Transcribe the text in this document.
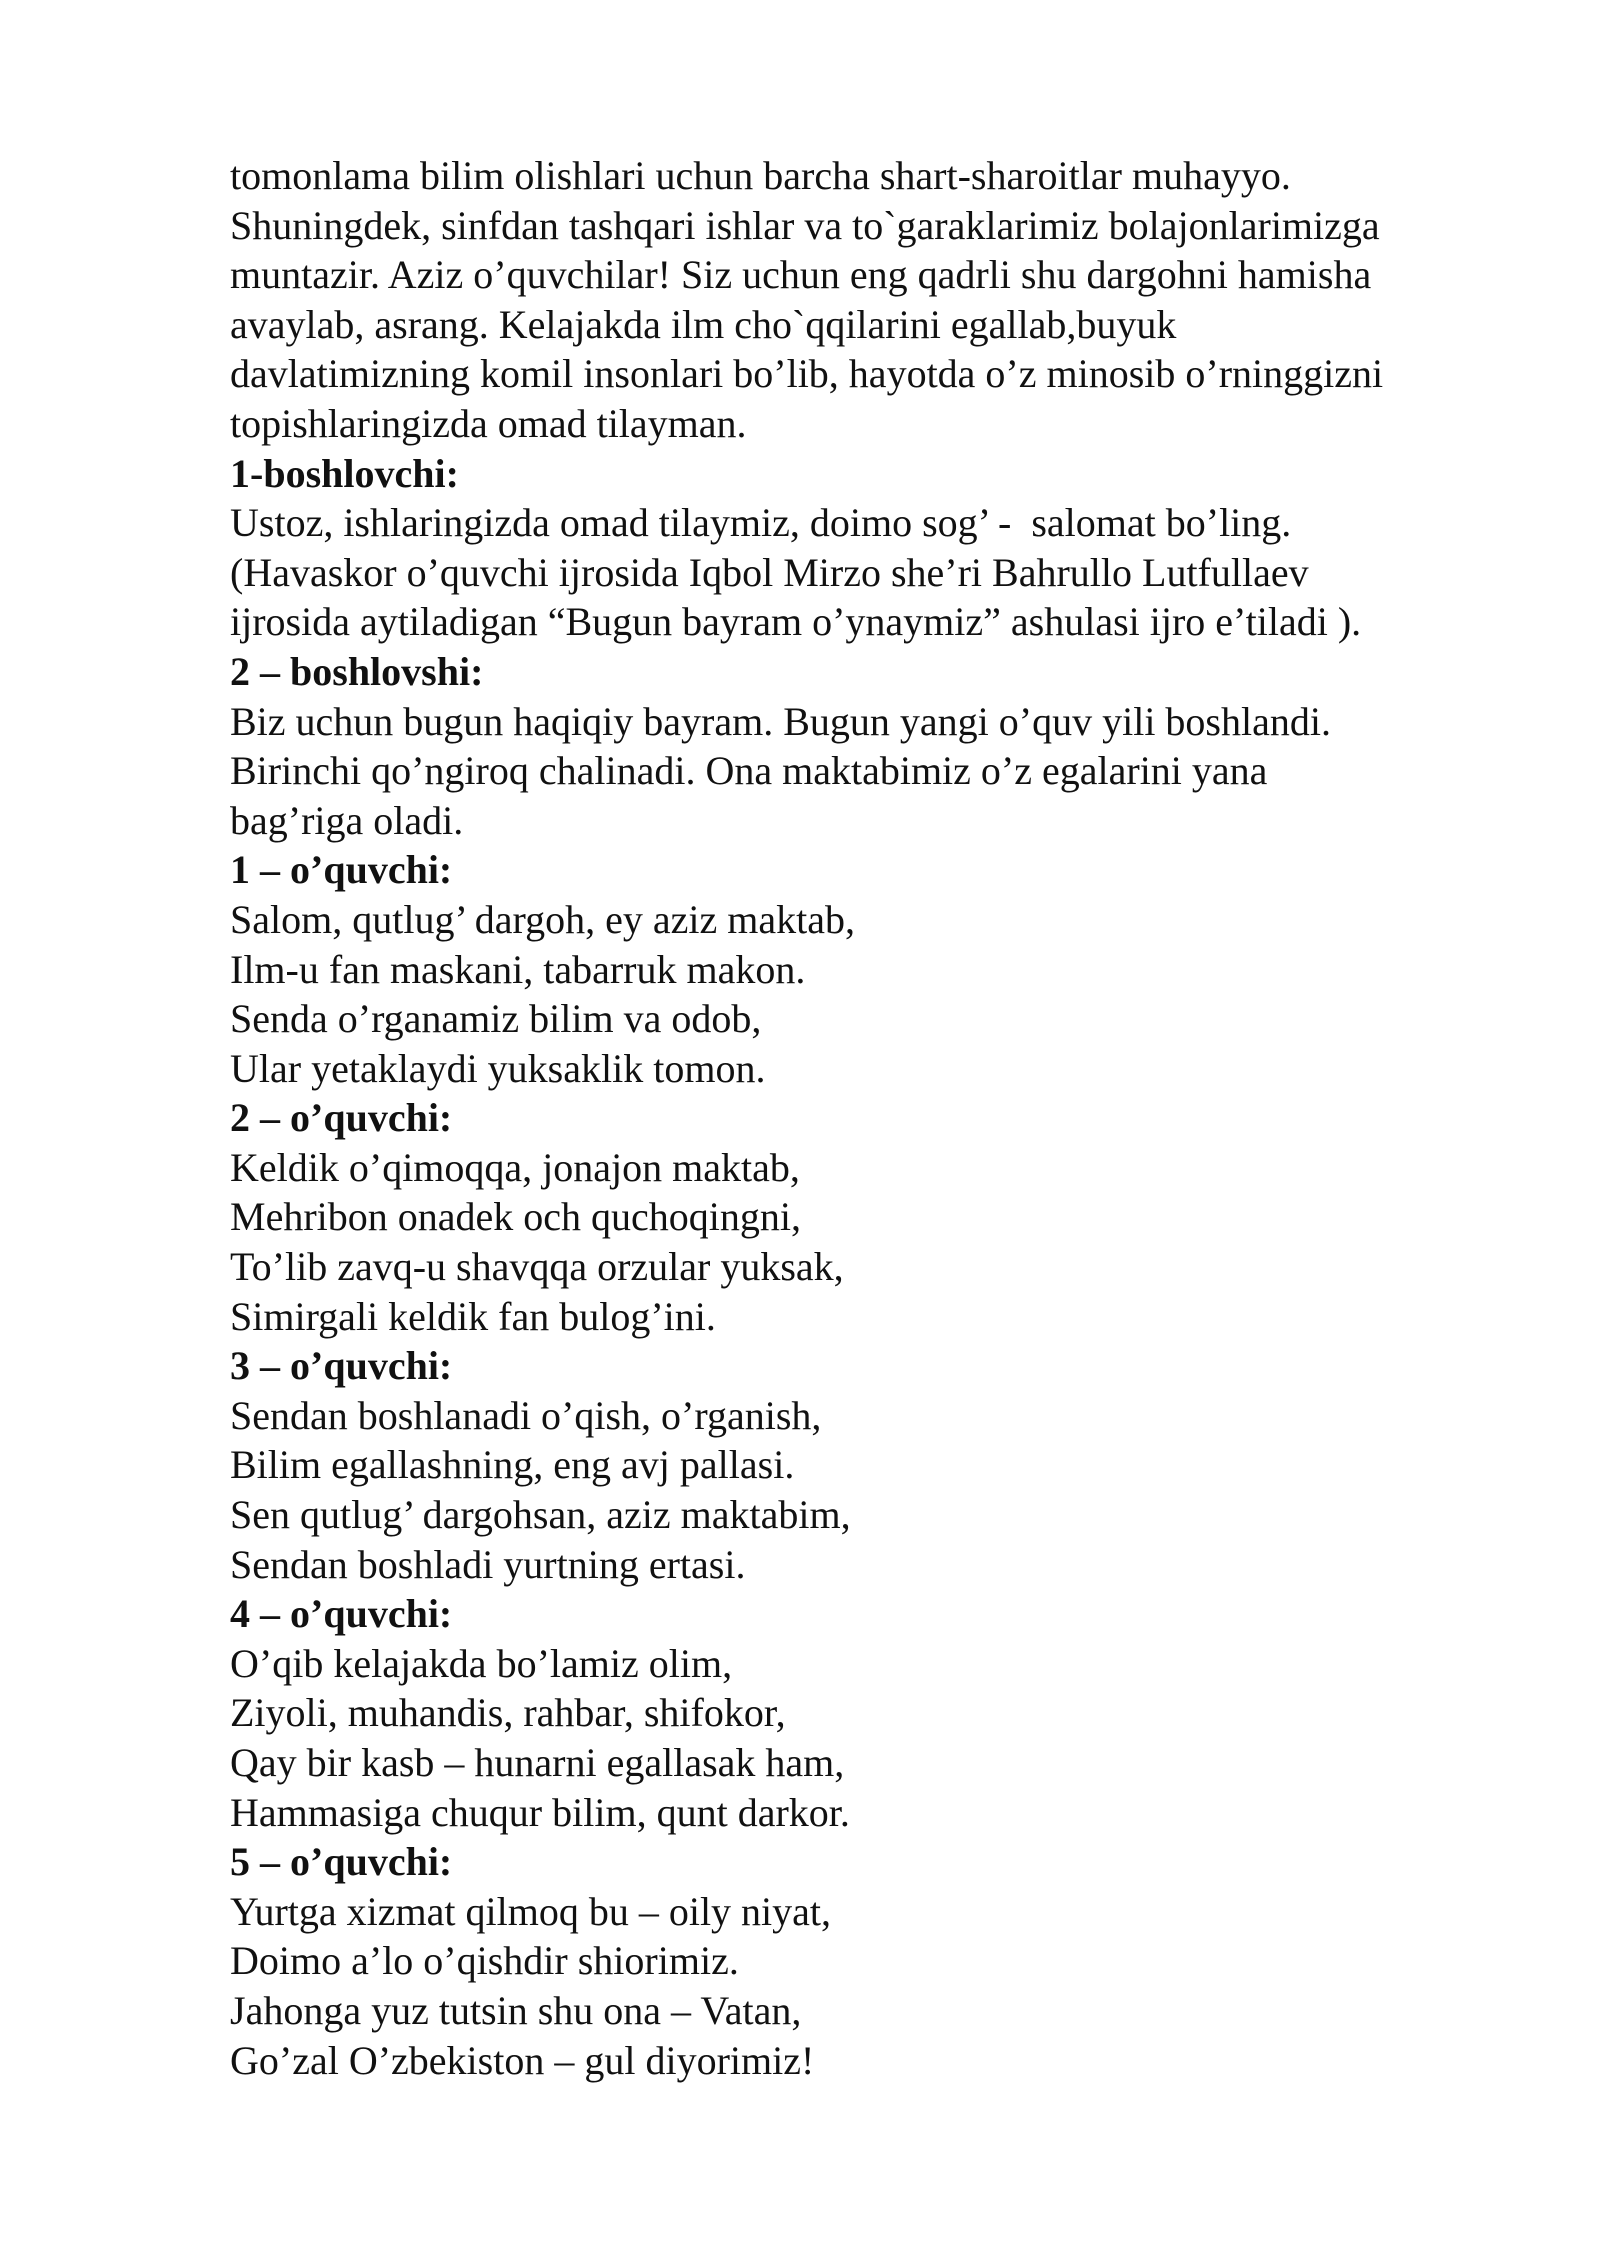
tomonlama bilim olishlari uchun barcha shart-sharoitlar muhayyo.

Shuningdek, sinfdan tashqari ishlar va to`garaklarimiz bolajonlarimizga

muntazir. Aziz o’quvchilar! Siz uchun eng qadrli shu dargohni hamisha

avaylab, asrang. Kelajakda ilm cho`qqilarini egallab,buyuk

davlatimizning komil insonlari bo’lib, hayotda o’z minosib o’rninggizni

topishlaringizda omad tilayman.

1-boshlovchi:

Ustoz, ishlaringizda omad tilaymiz, doimo sog’ -  salomat bo’ling.

(Havaskor o’quvchi ijrosida Iqbol Mirzo she’ri Bahrullo Lutfullaev

ijrosida aytiladigan “Bugun bayram o’ynaymiz” ashulasi ijro e’tiladi ).

2 – boshlovshi:

Biz uchun bugun haqiqiy bayram. Bugun yangi o’quv yili boshlandi.

Birinchi qo’ngiroq chalinadi. Ona maktabimiz o’z egalarini yana

bag’riga oladi.

1 – o’quvchi:

Salom, qutlug’ dargoh, ey aziz maktab,

Ilm-u fan maskani, tabarruk makon.

Senda o’rganamiz bilim va odob,

Ular yetaklaydi yuksaklik tomon.

2 – o’quvchi:

Keldik o’qimoqqa, jonajon maktab,

Mehribon onadek och quchoqingni,

To’lib zavq-u shavqqa orzular yuksak,

Simirgali keldik fan bulog’ini.

3 – o’quvchi:

Sendan boshlanadi o’qish, o’rganish,

Bilim egallashning, eng avj pallasi.

Sen qutlug’ dargohsan, aziz maktabim,

Sendan boshladi yurtning ertasi.

4 – o’quvchi:

O’qib kelajakda bo’lamiz olim,

Ziyoli, muhandis, rahbar, shifokor,

Qay bir kasb – hunarni egallasak ham,

Hammasiga chuqur bilim, qunt darkor.

5 – o’quvchi:

Yurtga xizmat qilmoq bu – oily niyat,

Doimo a’lo o’qishdir shiorimiz.

Jahonga yuz tutsin shu ona – Vatan,

Go’zal O’zbekiston – gul diyorimiz!
